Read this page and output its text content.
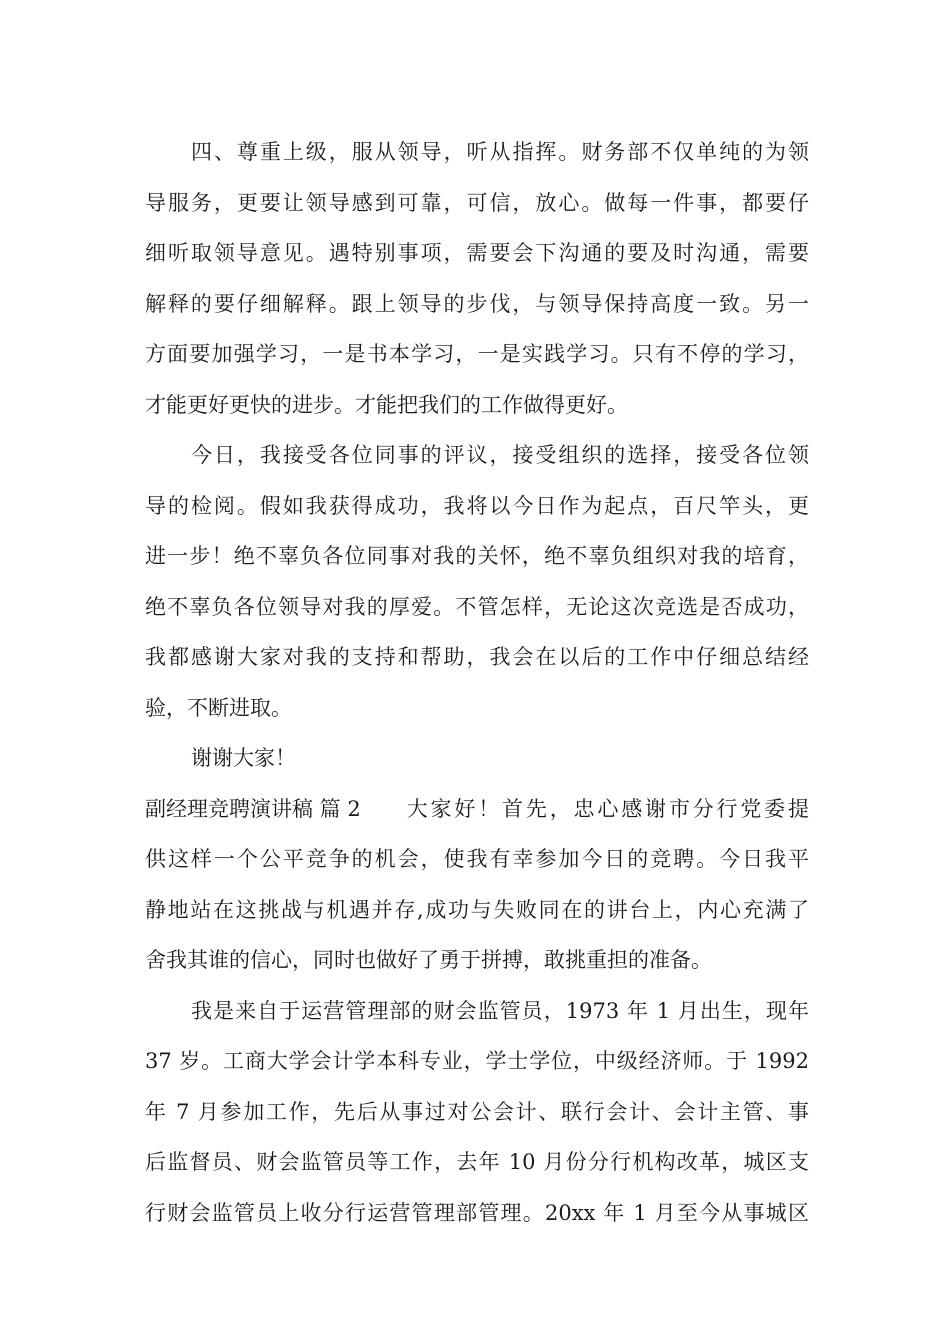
四、尊重上级，服从领导，听从指挥。财务部不仅单纯的为领
导服务，更要让领导感到可靠，可信，放心。做每一件事，都要仔
细听取领导意见。遇特别事项，需要会下沟通的要及时沟通，需要
解释的要仔细解释。跟上领导的步伐，与领导保持高度一致。另一
方面要加强学习，一是书本学习，一是实践学习。只有不停的学习，
才能更好更快的进步。才能把我们的工作做得更好。
今日，我接受各位同事的评议，接受组织的选择，接受各位领
导的检阅。假如我获得成功，我将以今日作为起点，百尺竿头，更
进一步！绝不辜负各位同事对我的关怀，绝不辜负组织对我的培育，
绝不辜负各位领导对我的厚爱。不管怎样，无论这次竞选是否成功，
我都感谢大家对我的支持和帮助，我会在以后的工作中仔细总结经
验，不断进取。
谢谢大家！
副经理竞聘演讲稿 篇 2 大家好！首先，忠心感谢市分行党委提
供这样一个公平竞争的机会，使我有幸参加今日的竞聘。今日我平
静地站在这挑战与机遇并存,成功与失败同在的讲台上，内心充满了
舍我其谁的信心，同时也做好了勇于拼搏，敢挑重担的准备。
我是来自于运营管理部的财会监管员，1973 年 1 月出生，现年
37 岁。工商大学会计学本科专业，学士学位，中级经济师。于 1992
年 7 月参加工作，先后从事过对公会计、联行会计、会计主管、事
后监督员、财会监管员等工作，去年 10 月份分行机构改革，城区支
行财会监管员上收分行运营管理部管理。20xx 年 1 月至今从事城区
